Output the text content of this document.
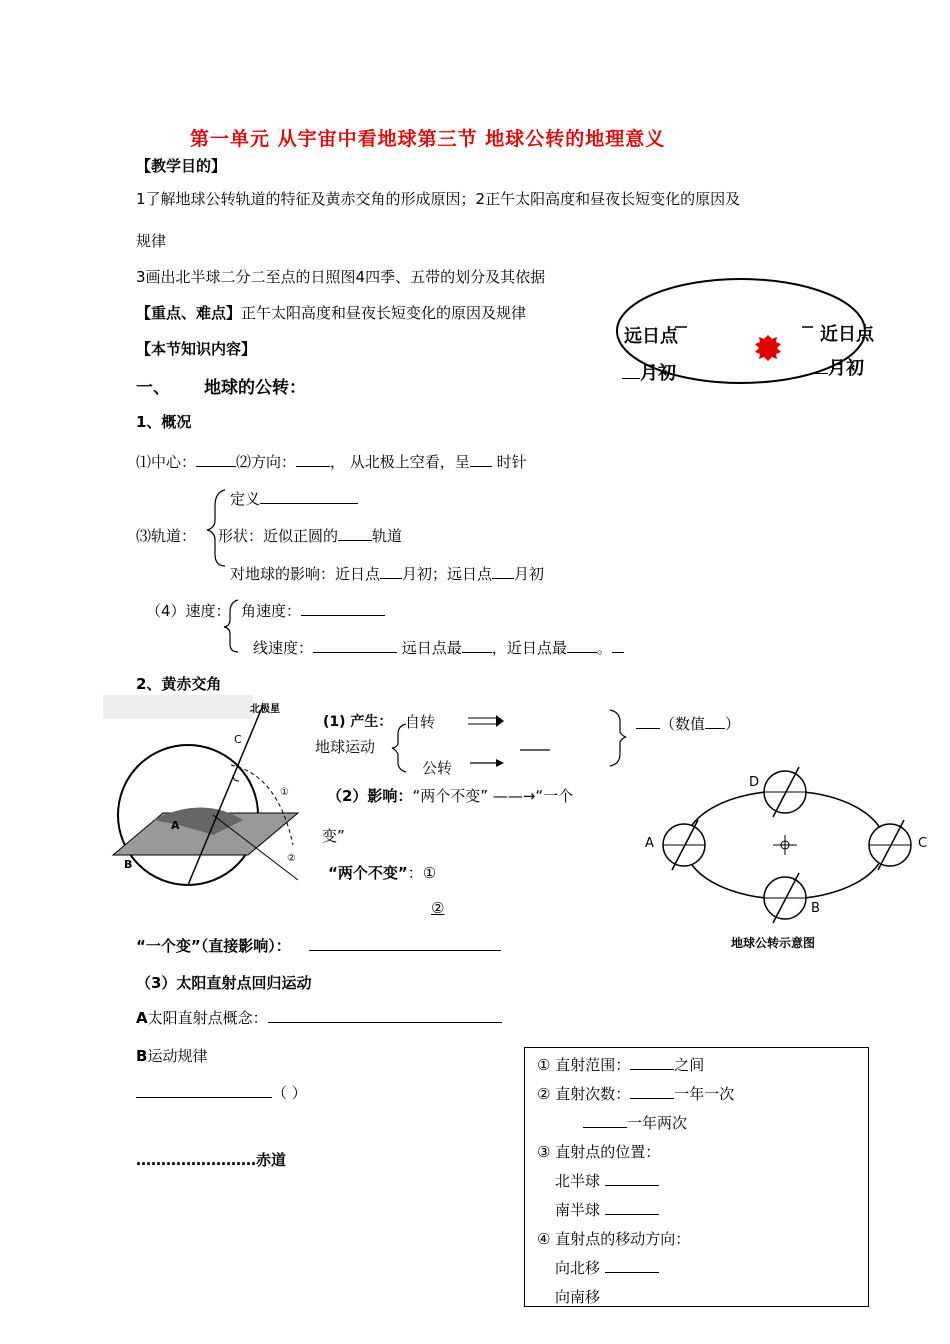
第一单元 从宇宙中看地球第三节 地球公转的地理意义
【教学目的】
1了解地球公转轨道的特征及黄赤交角的形成原因；2正午太阳高度和昼夜长短变化的原因及
规律
3画出北半球二分二至点的日照图4四季、五带的划分及其依据
【重点、难点】正午太阳高度和昼夜长短变化的原因及规律
【本节知识内容】
远日点
月初
近日点
月初
一、 地球的公转：
1、概况
⑴中心：	⑵方向： ， 从北极上空看，呈 时针
定义
⑶轨道： 形状：近似正圆的 轨道
对地球的影响：近日点 月初；远日点 月初
（4）速度： 角速度：
线速度：	远日点最 ，近日点最 。
2、黄赤交角
北极星
C
A
B
①
②
(1) 产生： 自转
地球运动
公转
（数值 ）
（2）影响：“两个不变” ——→“一个
变”
“两个不变”：①
②
A	C
D
B
地球公转示意图
“一个变”（直接影响）：
（3）太阳直射点回归运动
A太阳直射点概念：
B运动规律
（ ）
……………………赤道
① 直射范围：	之间
② 直射次数：	一年一次
一年两次
③ 直射点的位置：
北半球
南半球
④ 直射点的移动方向：
向北移
向南移
